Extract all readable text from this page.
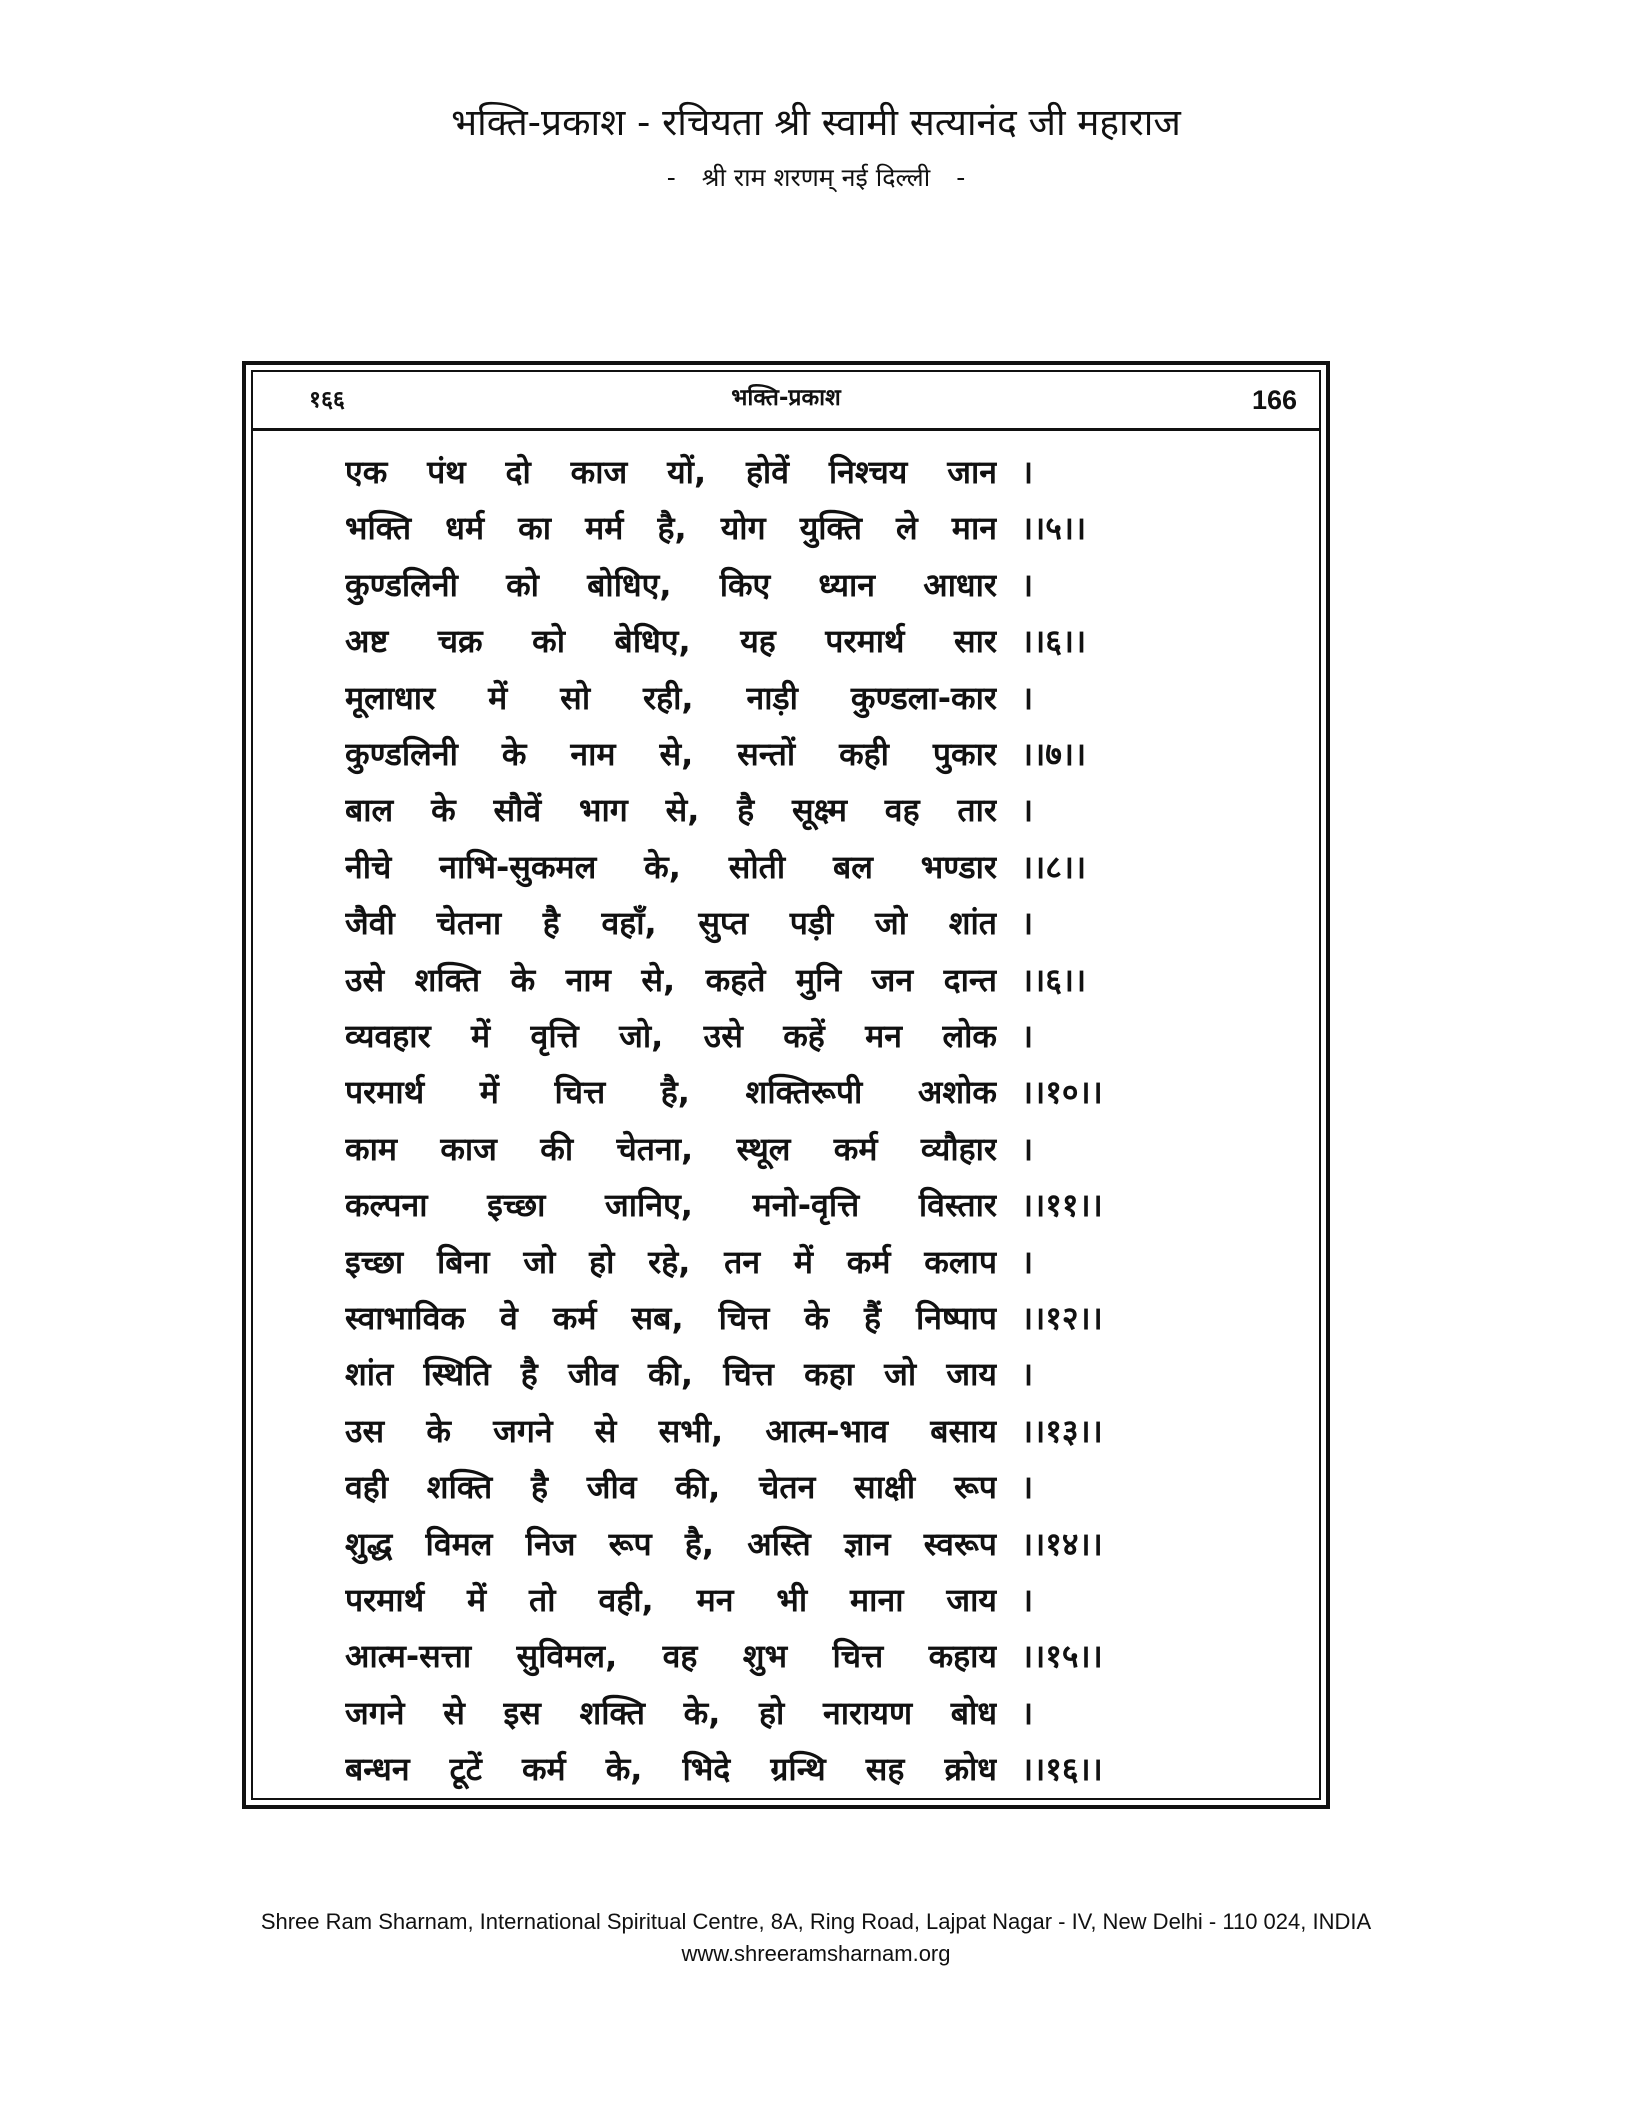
भक्ति-प्रकाश - रचियता श्री स्वामी सत्यानंद जी महाराज
- श्री राम शरणम् नई दिल्ली -
१६६	भक्ति-प्रकाश	166
एक पंथ दो काज यों, होवें निश्चय जान ।
भक्ति धर्म का मर्म है, योग युक्ति ले मान ।।५।।
कुण्डलिनी को बोधिए, किए ध्यान आधार ।
अष्ट चक्र को बेधिए, यह परमार्थ सार ।।६।।
मूलाधार में सो रही, नाड़ी कुण्डला-कार ।
कुण्डलिनी के नाम से, सन्तों कही पुकार ।।७।।
बाल के सौवें भाग से, है सूक्ष्म वह तार ।
नीचे नाभि-सुकमल के, सोती बल भण्डार ।।८।।
जैवी चेतना है वहाँ, सुप्त पड़ी जो शांत ।
उसे शक्ति के नाम से, कहते मुनि जन दान्त ।।६।।
व्यवहार में वृत्ति जो, उसे कहें मन लोक ।
परमार्थ में चित्त है, शक्तिरूपी अशोक ।।१०।।
काम काज की चेतना, स्थूल कर्म व्यौहार ।
कल्पना इच्छा जानिए, मनो-वृत्ति विस्तार ।।११।।
इच्छा बिना जो हो रहे, तन में कर्म कलाप ।
स्वाभाविक वे कर्म सब, चित्त के हैं निष्पाप ।।१२।।
शांत स्थिति है जीव की, चित्त कहा जो जाय ।
उस के जगने से सभी, आत्म-भाव बसाय ।।१३।।
वही शक्ति है जीव की, चेतन साक्षी रूप ।
शुद्ध विमल निज रूप है, अस्ति ज्ञान स्वरूप ।।१४।।
परमार्थ में तो वही, मन भी माना जाय ।
आत्म-सत्ता सुविमल, वह शुभ चित्त कहाय ।।१५।।
जगने से इस शक्ति के, हो नारायण बोध ।
बन्धन टूटें कर्म के, भिदे ग्रन्थि सह क्रोध ।।१६।।
Shree Ram Sharnam, International Spiritual Centre, 8A, Ring Road, Lajpat Nagar - IV, New Delhi - 110 024, INDIA
www.shreeramsharnam.org
